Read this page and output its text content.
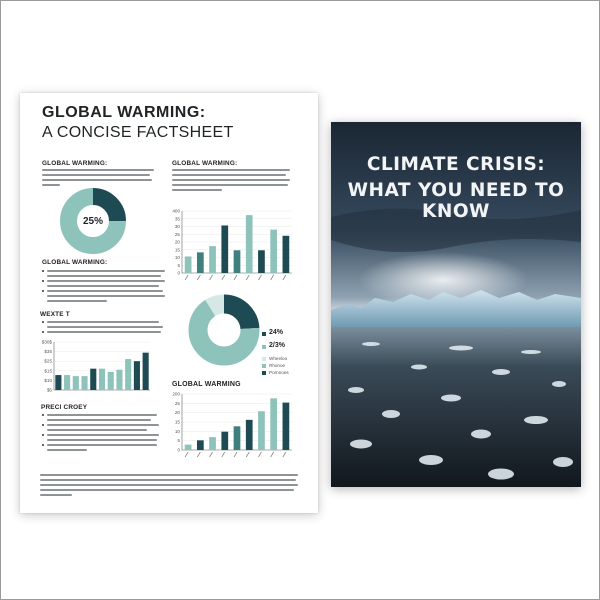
GLOBAL WARMING:
A CONCISE FACTSHEET
GLOBAL WARMING:	GLOBAL WARMING:
25%
400
35
30
25
20
15
10
5
0
GLOBAL WARMING:
WEXTE T
$30$
$35
$25
$15
$10
$5
24%
2/3%
Wheeloo
Rhonoe
Pornnoes
GLOBAL WARMING
200
25
20
15
10
5
0
PRECI CROEY
CLIMATE CRISIS:
WHAT YOU NEED TO KNOW
